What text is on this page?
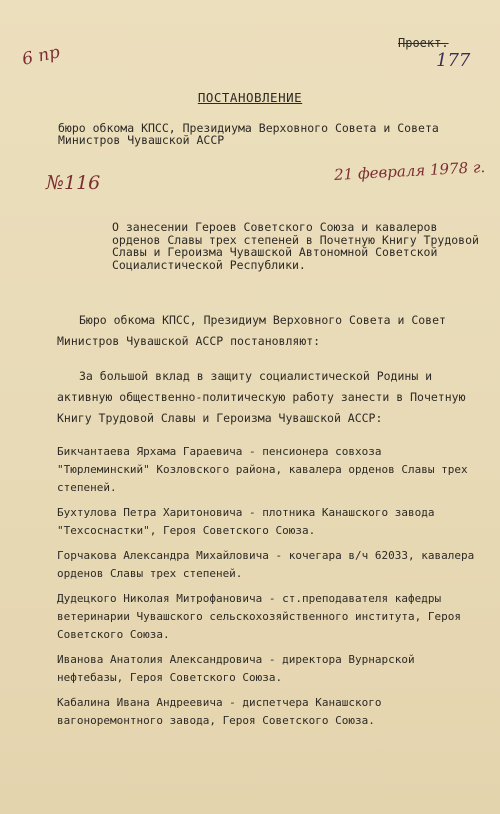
6 пр	Проект.
177
ПОСТАНОВЛЕНИЕ
бюро обкома КПСС, Президиума Верховного Совета и Совета Министров Чувашской АССР
№116	21 февраля 1978 г.
О занесении Героев Советского Союза и кавалеров орденов Славы трех степеней в Почетную Книгу Трудовой Славы и Героизма Чувашской Автономной Советской Социалистической Республики.
Бюро обкома КПСС, Президиум Верховного Совета и Совет Министров Чувашской АССР постановляют:
За большой вклад в защиту социалистической Родины и активную общественно-политическую работу занести в Почетную Книгу Трудовой Славы и Героизма Чувашской АССР:
Бикчантаева Ярхама Гараевича - пенсионера совхоза "Тюрлеминский" Козловского района, кавалера орденов Славы трех степеней.
Бухтулова Петра Харитоновича - плотника Канашского завода "Техсоснастки", Героя Советского Союза.
Горчакова Александра Михайловича - кочегара в/ч 62033, кавалера орденов Славы трех степеней.
Дудецкого Николая Митрофановича - ст.преподавателя кафедры ветеринарии Чувашского сельскохозяйственного института, Героя Советского Союза.
Иванова Анатолия Александровича - директора Вурнарской нефтебазы, Героя Советского Союза.
Кабалина Ивана Андреевича - диспетчера Канашского вагоноремонтного завода, Героя Советского Союза.
